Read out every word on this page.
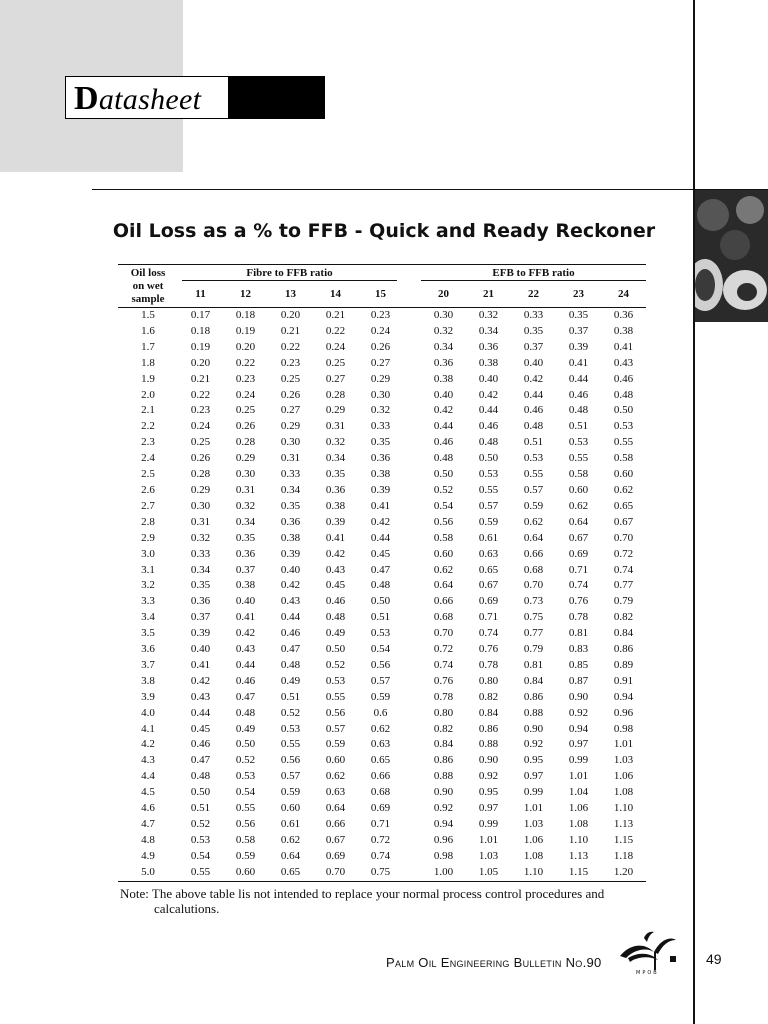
Datasheet
Oil Loss as a % to FFB - Quick and Ready Reckoner
Oil loss
on wet
sample	Fibre to FFB ratio						EFB to FFB ratio				

	11	12	13	14	15		20	21	22	23	24
1.5	0.17	0.18	0.20	0.21	0.23		0.30	0.32	0.33	0.35	0.36
1.6	0.18	0.19	0.21	0.22	0.24		0.32	0.34	0.35	0.37	0.38
1.7	0.19	0.20	0.22	0.24	0.26		0.34	0.36	0.37	0.39	0.41
1.8	0.20	0.22	0.23	0.25	0.27		0.36	0.38	0.40	0.41	0.43
1.9	0.21	0.23	0.25	0.27	0.29		0.38	0.40	0.42	0.44	0.46
2.0	0.22	0.24	0.26	0.28	0.30		0.40	0.42	0.44	0.46	0.48
2.1	0.23	0.25	0.27	0.29	0.32		0.42	0.44	0.46	0.48	0.50
2.2	0.24	0.26	0.29	0.31	0.33		0.44	0.46	0.48	0.51	0.53
2.3	0.25	0.28	0.30	0.32	0.35		0.46	0.48	0.51	0.53	0.55
2.4	0.26	0.29	0.31	0.34	0.36		0.48	0.50	0.53	0.55	0.58
2.5	0.28	0.30	0.33	0.35	0.38		0.50	0.53	0.55	0.58	0.60
2.6	0.29	0.31	0.34	0.36	0.39		0.52	0.55	0.57	0.60	0.62
2.7	0.30	0.32	0.35	0.38	0.41		0.54	0.57	0.59	0.62	0.65
2.8	0.31	0.34	0.36	0.39	0.42		0.56	0.59	0.62	0.64	0.67
2.9	0.32	0.35	0.38	0.41	0.44		0.58	0.61	0.64	0.67	0.70
3.0	0.33	0.36	0.39	0.42	0.45		0.60	0.63	0.66	0.69	0.72
3.1	0.34	0.37	0.40	0.43	0.47		0.62	0.65	0.68	0.71	0.74
3.2	0.35	0.38	0.42	0.45	0.48		0.64	0.67	0.70	0.74	0.77
3.3	0.36	0.40	0.43	0.46	0.50		0.66	0.69	0.73	0.76	0.79
3.4	0.37	0.41	0.44	0.48	0.51		0.68	0.71	0.75	0.78	0.82
3.5	0.39	0.42	0.46	0.49	0.53		0.70	0.74	0.77	0.81	0.84
3.6	0.40	0.43	0.47	0.50	0.54		0.72	0.76	0.79	0.83	0.86
3.7	0.41	0.44	0.48	0.52	0.56		0.74	0.78	0.81	0.85	0.89
3.8	0.42	0.46	0.49	0.53	0.57		0.76	0.80	0.84	0.87	0.91
3.9	0.43	0.47	0.51	0.55	0.59		0.78	0.82	0.86	0.90	0.94
4.0	0.44	0.48	0.52	0.56	0.6		0.80	0.84	0.88	0.92	0.96
4.1	0.45	0.49	0.53	0.57	0.62		0.82	0.86	0.90	0.94	0.98
4.2	0.46	0.50	0.55	0.59	0.63		0.84	0.88	0.92	0.97	1.01
4.3	0.47	0.52	0.56	0.60	0.65		0.86	0.90	0.95	0.99	1.03
4.4	0.48	0.53	0.57	0.62	0.66		0.88	0.92	0.97	1.01	1.06
4.5	0.50	0.54	0.59	0.63	0.68		0.90	0.95	0.99	1.04	1.08
4.6	0.51	0.55	0.60	0.64	0.69		0.92	0.97	1.01	1.06	1.10
4.7	0.52	0.56	0.61	0.66	0.71		0.94	0.99	1.03	1.08	1.13
4.8	0.53	0.58	0.62	0.67	0.72		0.96	1.01	1.06	1.10	1.15
4.9	0.54	0.59	0.64	0.69	0.74		0.98	1.03	1.08	1.13	1.18
5.0	0.55	0.60	0.65	0.70	0.75		1.00	1.05	1.10	1.15	1.20
Note: The above table lis not intended to replace your normal process control procedures and
calcalutions.
Palm Oil Engineering Bulletin No.90
MPOB
49
